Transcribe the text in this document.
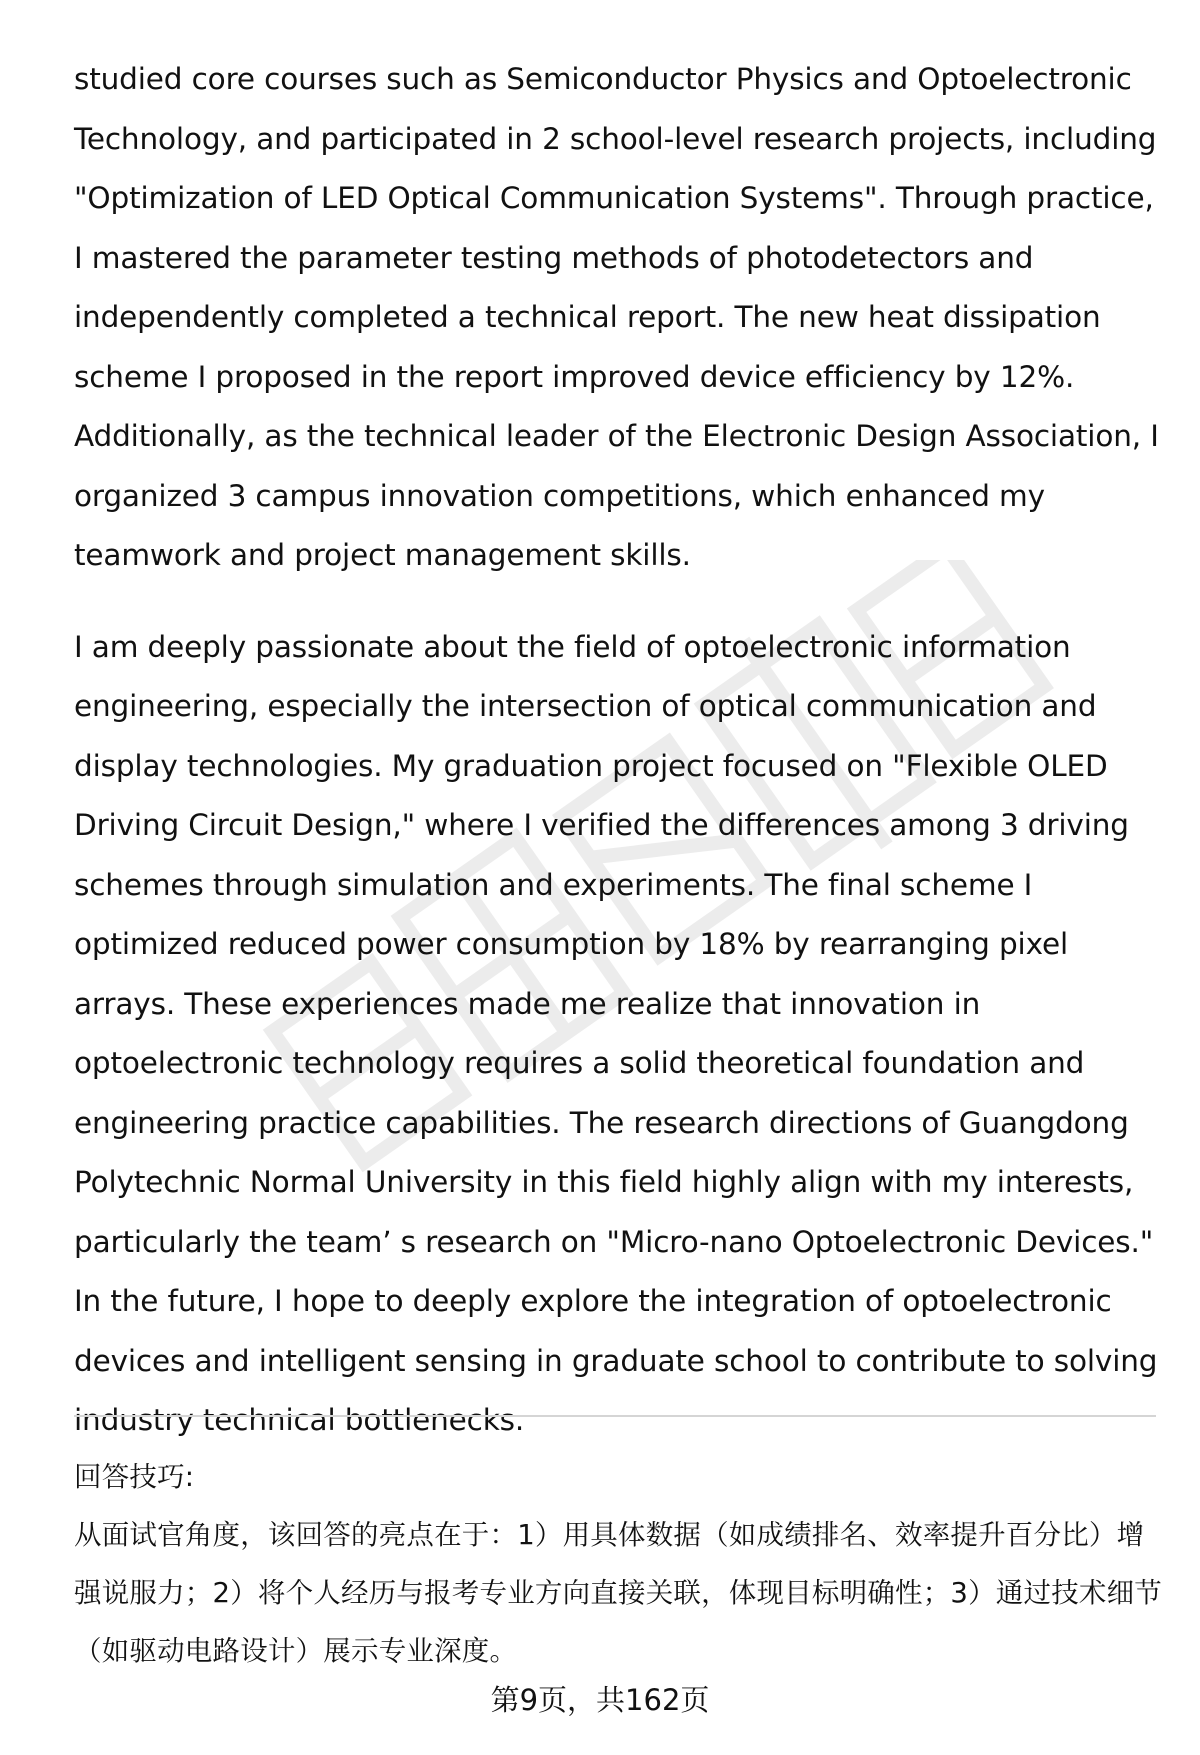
studied core courses such as Semiconductor Physics and Optoelectronic Technology, and participated in 2 school-level research projects, including "Optimization of LED Optical Communication Systems". Through practice, I mastered the parameter testing methods of photodetectors and independently completed a technical report. The new heat dissipation scheme I proposed in the report improved device efficiency by 12%. Additionally, as the technical leader of the Electronic Design Association, I organized 3 campus innovation competitions, which enhanced my teamwork and project management skills.

I am deeply passionate about the field of optoelectronic information engineering, especially the intersection of optical communication and display technologies. My graduation project focused on "Flexible OLED Driving Circuit Design," where I verified the differences among 3 driving schemes through simulation and experiments. The final scheme I optimized reduced power consumption by 18% by rearranging pixel arrays. These experiences made me realize that innovation in optoelectronic technology requires a solid theoretical foundation and engineering practice capabilities. The research directions of Guangdong Polytechnic Normal University in this field highly align with my interests, particularly the team’ s research on "Micro-nano Optoelectronic Devices." In the future, I hope to deeply explore the integration of optoelectronic devices and intelligent sensing in graduate school to contribute to solving industry technical bottlenecks.

回答技巧:

从面试官角度，该回答的亮点在于：1）用具体数据（如成绩排名、效率提升百分比）增强说服力；2）将个人经历与报考专业方向直接关联，体现目标明确性；3）通过技术细节（如驱动电路设计）展示专业深度。

第9页，共162页
